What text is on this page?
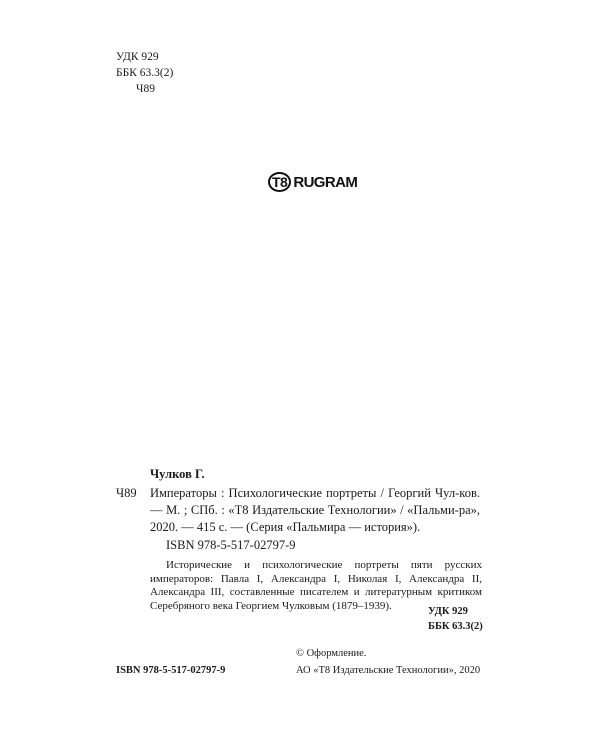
УДК 929
ББК 63.3(2)
Ч89
T8 RUGRAM
Чулков Г.
Ч89 Императоры : Психологические портреты / Георгий Чул-ков. — М. ; СПб. : «Т8 Издательские Технологии» / «Пальми-ра», 2020. — 415 с. — (Серия «Пальмира — история»).
ISBN 978-5-517-02797-9
Исторические и психологические портреты пяти русских императоров: Павла I, Александра I, Николая I, Александра II, Александра III, составленные писателем и литературным критиком Серебряного века Георгием Чулковым (1879–1939).	УДК 929
ББК 63.3(2)
© Оформление.
ISBN 978-5-517-02797-9	АО «Т8 Издательские Технологии», 2020
